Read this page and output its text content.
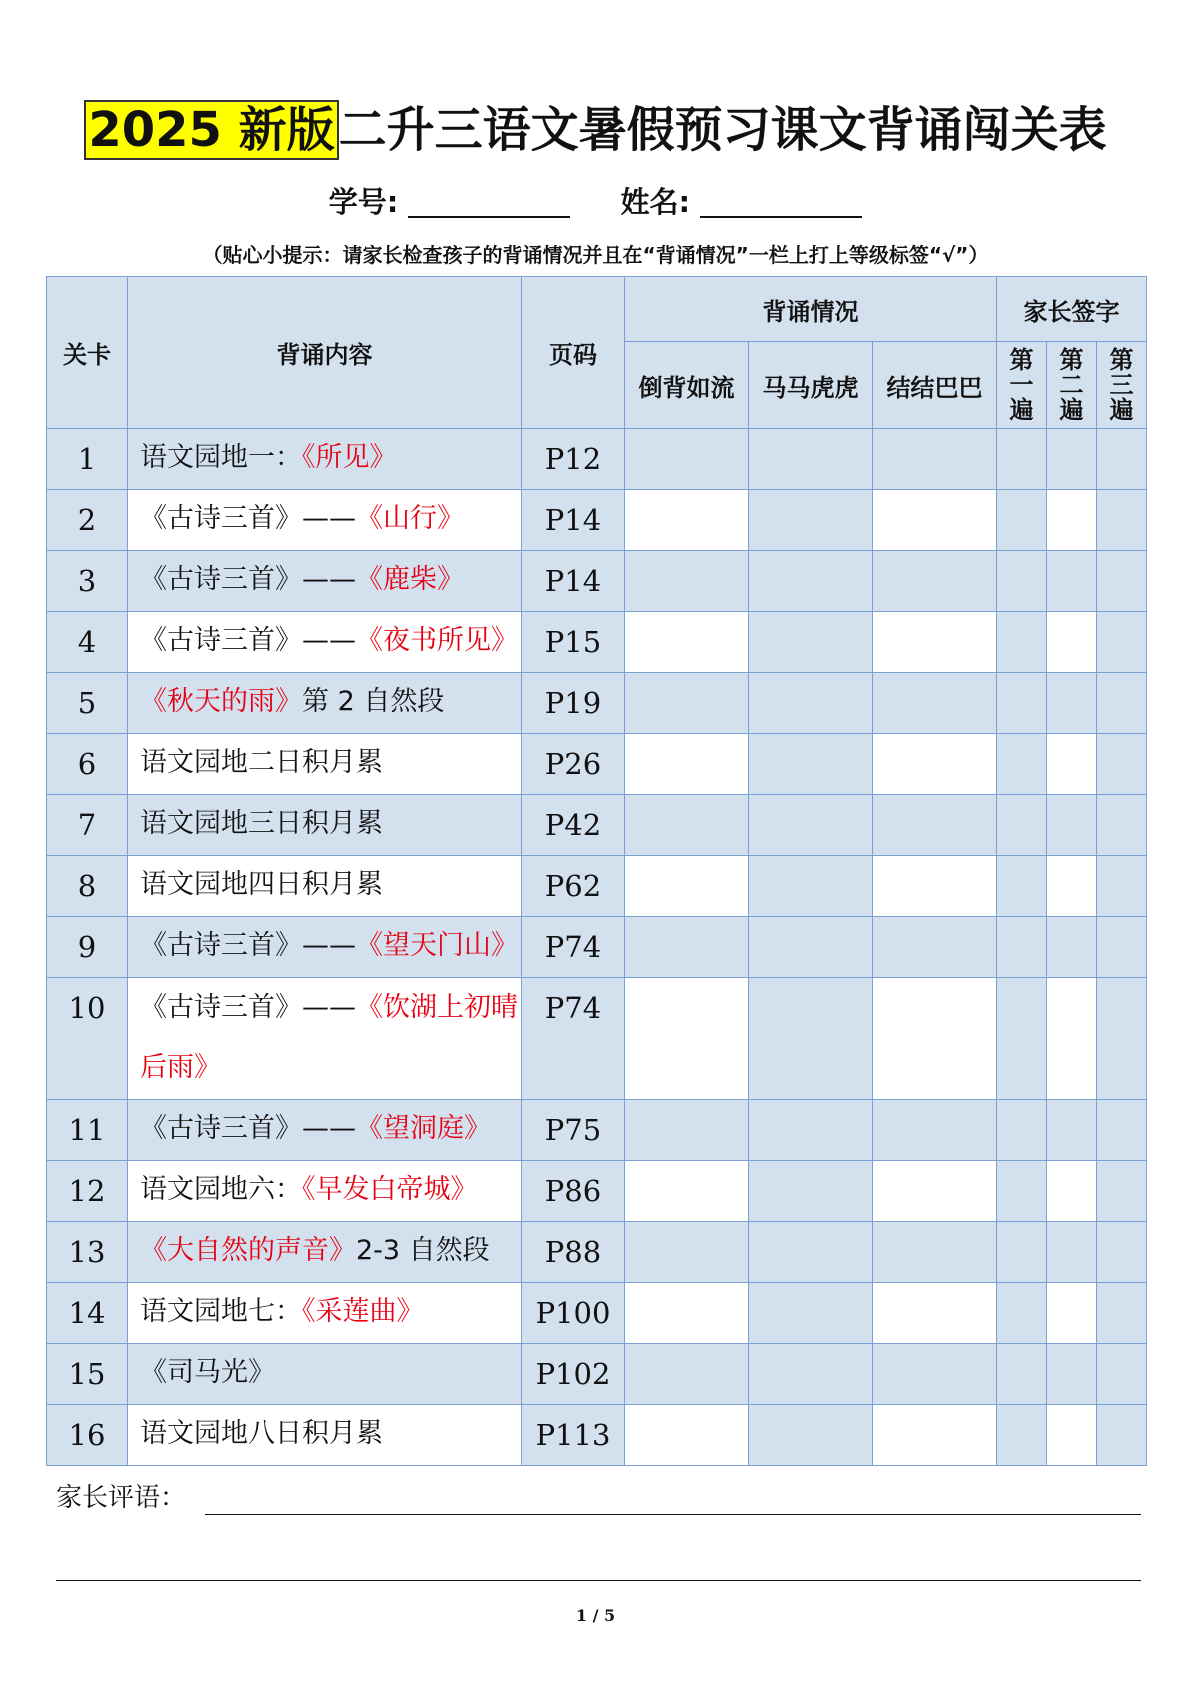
2025 新版二升三语文暑假预习课文背诵闯关表
学号:	姓名:
（贴心小提示：请家长检查孩子的背诵情况并且在“背诵情况”一栏上打上等级标签“√”）
关卡	背诵内容	页码	背诵情况			家长签字		
			倒背如流	马马虎虎	结结巴巴	第一遍	第二遍	第三遍

1	语文园地一：《所见》	P12						
2	《古诗三首》——《山行》	P14						
3	《古诗三首》——《鹿柴》	P14						
4	《古诗三首》——《夜书所见》	P15						
5	《秋天的雨》第 2 自然段	P19						
6	语文园地二日积月累	P26						
7	语文园地三日积月累	P42						
8	语文园地四日积月累	P62						
9	《古诗三首》——《望天门山》	P74						
10	《古诗三首》——《饮湖上初晴后雨》	P74						
11	《古诗三首》——《望洞庭》	P75						
12	语文园地六：《早发白帝城》	P86						
13	《大自然的声音》2-3 自然段	P88						
14	语文园地七：《采莲曲》	P100						
15	《司马光》	P102						
16	语文园地八日积月累	P113						
家长评语：
1 / 5
